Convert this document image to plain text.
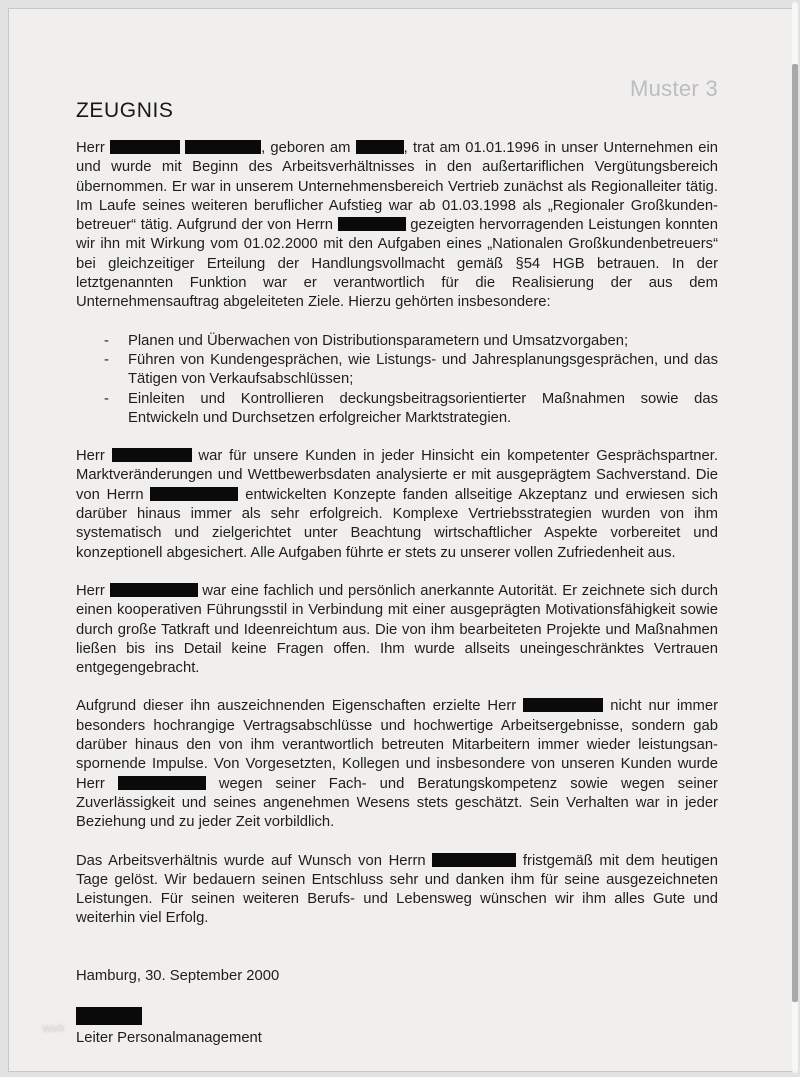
Muster 3
ZEUGNIS

Herr	, geboren am	, trat am 01.01.1996 in unser Unternehmen ein und wurde mit Beginn des Arbeitsverhältnisses in den außertariflichen Vergütungsbereich übernommen. Er war in unserem Unternehmensbereich Vertrieb zunächst als Regionalleiter tätig. Im Laufe seines weiteren beruflicher Aufstieg war ab 01.03.1998 als „Regionaler Großkunden-betreuer“ tätig. Aufgrund der von Herrn	gezeigten hervorragenden Leistungen konnten wir ihn mit Wirkung vom 01.02.2000 mit den Aufgaben eines „Nationalen Großkundenbetreuers“ bei gleichzeitiger Erteilung der Handlungsvollmacht gemäß §54 HGB betrauen. In der letztgenannten Funktion war er verantwortlich für die Realisierung der aus dem Unternehmensauftrag abgeleiteten Ziele. Hierzu gehörten insbesondere:

- Planen und Überwachen von Distributionsparametern und Umsatzvorgaben;
- Führen von Kundengesprächen, wie Listungs- und Jahresplanungsgesprächen, und das Tätigen von Verkaufsabschlüssen;
- Einleiten und Kontrollieren deckungsbeitragsorientierter Maßnahmen sowie das Entwickeln und Durchsetzen erfolgreicher Marktstrategien.

Herr	war für unsere Kunden in jeder Hinsicht ein kompetenter Gesprächspartner. Marktveränderungen und Wettbewerbsdaten analysierte er mit ausgeprägtem Sachverstand. Die von Herrn	entwickelten Konzepte fanden allseitige Akzeptanz und erwiesen sich darüber hinaus immer als sehr erfolgreich. Komplexe Vertriebsstrategien wurden von ihm systematisch und zielgerichtet unter Beachtung wirtschaftlicher Aspekte vorbereitet und konzeptionell abgesichert. Alle Aufgaben führte er stets zu unserer vollen Zufriedenheit aus.

Herr	war eine fachlich und persönlich anerkannte Autorität. Er zeichnete sich durch einen kooperativen Führungsstil in Verbindung mit einer ausgeprägten Motivationsfähigkeit sowie durch große Tatkraft und Ideenreichtum aus. Die von ihm bearbeiteten Projekte und Maßnahmen ließen bis ins Detail keine Fragen offen. Ihm wurde allseits uneingeschränktes Vertrauen entgegengebracht.

Aufgrund dieser ihn auszeichnenden Eigenschaften erzielte Herr	nicht nur immer besonders hochrangige Vertragsabschlüsse und hochwertige Arbeitsergebnisse, sondern gab darüber hinaus den von ihm verantwortlich betreuten Mitarbeitern immer wieder leistungsan-spornende Impulse. Von Vorgesetzten, Kollegen und insbesondere von unseren Kunden wurde Herr	wegen seiner Fach- und Beratungskompetenz sowie wegen seiner Zuverlässigkeit und seines angenehmen Wesens stets geschätzt. Sein Verhalten war in jeder Beziehung und zu jeder Zeit vorbildlich.

Das Arbeitsverhältnis wurde auf Wunsch von Herrn	fristgemäß mit dem heutigen Tage gelöst. Wir bedauern seinen Entschluss sehr und danken ihm für seine ausgezeichneten Leistungen. Für seinen weiteren Berufs- und Lebensweg wünschen wir ihm alles Gute und weiterhin viel Erfolg.

Hamburg, 30. September 2000
Leiter Personalmanagement
Web
